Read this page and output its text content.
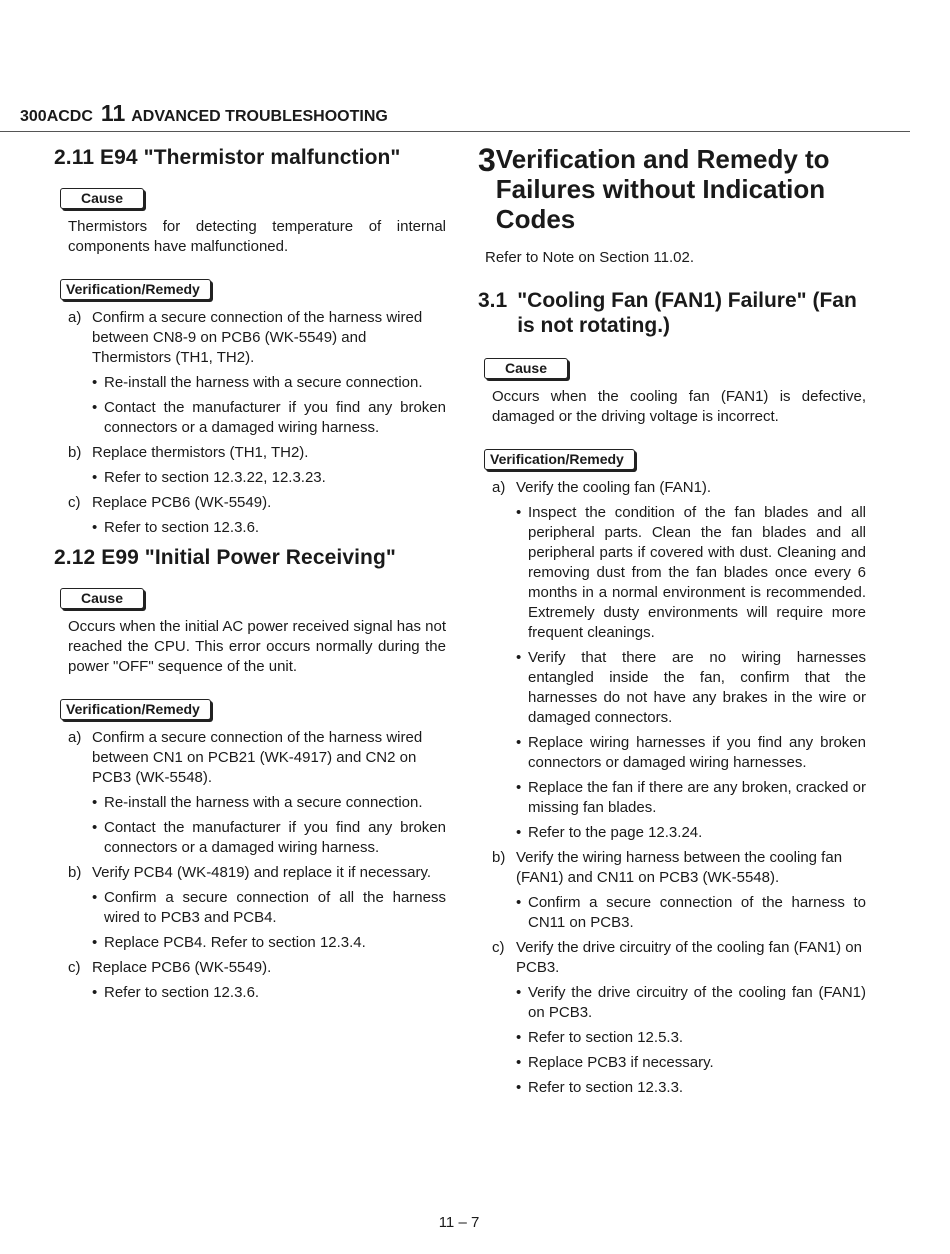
300ACDC 11 ADVANCED TROUBLESHOOTING
2.11 E94 "Thermistor malfunction"
Cause
Thermistors for detecting temperature of internal components have malfunctioned.
Verification/Remedy
a) Confirm a secure connection of the harness wired between CN8-9 on PCB6 (WK-5549) and Thermistors (TH1, TH2).
• Re-install the harness with a secure connection.
• Contact the manufacturer if you find any broken connectors or a damaged wiring harness.
b) Replace thermistors (TH1, TH2).
• Refer to section 12.3.22, 12.3.23.
c) Replace PCB6 (WK-5549).
• Refer to section 12.3.6.
2.12 E99 "Initial Power Receiving"
Cause
Occurs when the initial AC power received signal has not reached the CPU. This error occurs normally during the power "OFF" sequence of the unit.
Verification/Remedy
a) Confirm a secure connection of the harness wired between CN1 on PCB21 (WK-4917) and CN2 on PCB3 (WK-5548).
• Re-install the harness with a secure connection.
• Contact the manufacturer if you find any broken connectors or a damaged wiring harness.
b) Verify PCB4 (WK-4819) and replace it if necessary.
• Confirm a secure connection of all the harness wired to PCB3 and PCB4.
• Replace PCB4. Refer to section 12.3.4.
c) Replace PCB6 (WK-5549).
• Refer to section 12.3.6.
3 Verification and Remedy to Failures without Indication Codes
Refer to Note on Section 11.02.
3.1 "Cooling Fan (FAN1) Failure" (Fan is not rotating.)
Cause
Occurs when the cooling fan (FAN1) is defective, damaged or the driving voltage is incorrect.
Verification/Remedy
a) Verify the cooling fan (FAN1).
• Inspect the condition of the fan blades and all peripheral parts. Clean the fan blades and all peripheral parts if covered with dust. Cleaning and removing dust from the fan blades once every 6 months in a normal environment is recommended. Extremely dusty environments will require more frequent cleanings.
• Verify that there are no wiring harnesses entangled inside the fan, confirm that the harnesses do not have any brakes in the wire or damaged connectors.
• Replace wiring harnesses if you find any broken connectors or damaged wiring harnesses.
• Replace the fan if there are any broken, cracked or missing fan blades.
• Refer to the page 12.3.24.
b) Verify the wiring harness between the cooling fan (FAN1) and CN11 on PCB3 (WK-5548).
• Confirm a secure connection of the harness to CN11 on PCB3.
c) Verify the drive circuitry of the cooling fan (FAN1) on PCB3.
• Verify the drive circuitry of the cooling fan (FAN1) on PCB3.
• Refer to section 12.5.3.
• Replace PCB3 if necessary.
• Refer to section 12.3.3.
11 – 7
